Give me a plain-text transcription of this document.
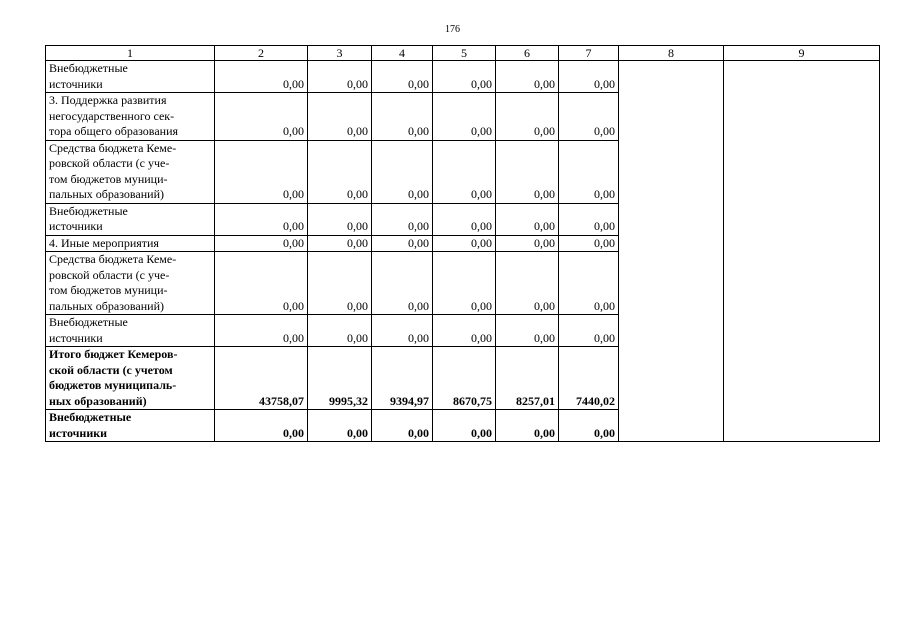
176
1	2	3	4	5	6	7	8	9
Внебюджетные
источники	0,00	0,00	0,00	0,00	0,00	0,00		
3. Поддержка развития
негосударственного сек-
тора общего образования	0,00	0,00	0,00	0,00	0,00	0,00		
Средства бюджета Кеме-
ровской области (с уче-
том бюджетов муници-
пальных образований)	0,00	0,00	0,00	0,00	0,00	0,00		
Внебюджетные
источники	0,00	0,00	0,00	0,00	0,00	0,00		
4. Иные мероприятия	0,00	0,00	0,00	0,00	0,00	0,00		
Средства бюджета Кеме-
ровской области (с уче-
том бюджетов муници-
пальных образований)	0,00	0,00	0,00	0,00	0,00	0,00		
Внебюджетные
источники	0,00	0,00	0,00	0,00	0,00	0,00		
Итого бюджет Кемеров-
ской области (с учетом
бюджетов муниципаль-
ных образований)	43758,07	9995,32	9394,97	8670,75	8257,01	7440,02		
Внебюджетные
источники	0,00	0,00	0,00	0,00	0,00	0,00		
